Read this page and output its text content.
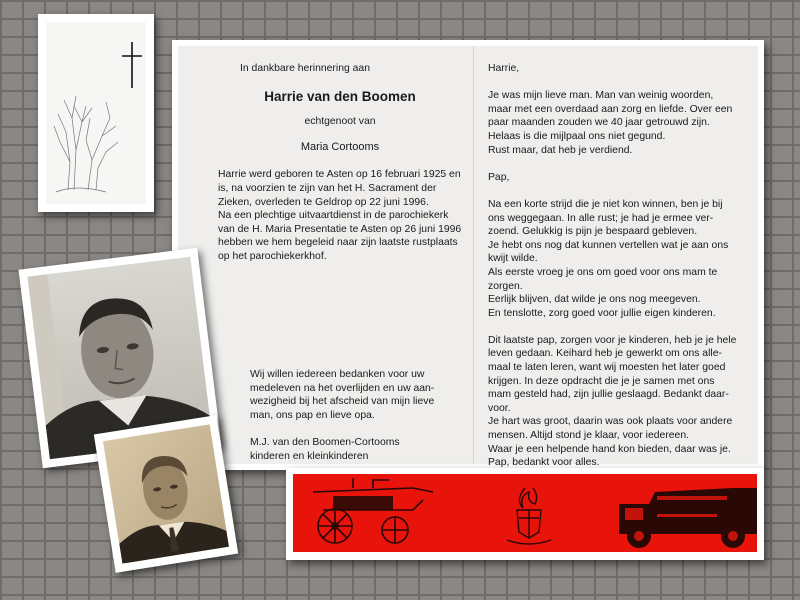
In dankbare herinnering aan
Harrie van den Boomen
echtgenoot van
Maria Cortooms
Harrie werd geboren te Asten op 16 februari 1925 en
is, na voorzien te zijn van het H. Sacrament der
Zieken, overleden te Geldrop op 22 juni 1996.
Na een plechtige uitvaartdienst in de parochiekerk
van de H. Maria Presentatie te Asten op 26 juni 1996
hebben we hem begeleid naar zijn laatste rustplaats
op het parochiekerkhof.
Wij willen iedereen bedanken voor uw
medeleven na het overlijden en uw aan-
wezigheid bij het afscheid van mijn lieve
man, ons pap en lieve opa.
M.J. van den Boomen-Cortooms
kinderen en kleinkinderen
Harrie,
Je was mijn lieve man. Man van weinig woorden,
maar met een overdaad aan zorg en liefde. Over een
paar maanden zouden we 40 jaar getrouwd zijn.
Helaas is die mijlpaal ons niet gegund.
Rust maar, dat heb je verdiend.
Pap,
Na een korte strijd die je niet kon winnen, ben je bij
ons weggegaan. In alle rust; je had je ermee ver-
zoend. Gelukkig is pijn je bespaard gebleven.
Je hebt ons nog dat kunnen vertellen wat je aan ons
kwijt wilde.
Als eerste vroeg je ons om goed voor ons mam te
zorgen.
Eerlijk blijven, dat wilde je ons nog meegeven.
En tenslotte, zorg goed voor jullie eigen kinderen.
Dit laatste pap, zorgen voor je kinderen, heb je je hele
leven gedaan. Keihard heb je gewerkt om ons alle-
maal te laten leren, want wij moesten het later goed
krijgen. In deze opdracht die je je samen met ons
mam gesteld had, zijn jullie geslaagd. Bedankt daar-
voor.
Je hart was groot, daarin was ook plaats voor andere
mensen. Altijd stond je klaar, voor iedereen.
Waar je een helpende hand kon bieden, daar was je.
Pap, bedankt voor alles.
